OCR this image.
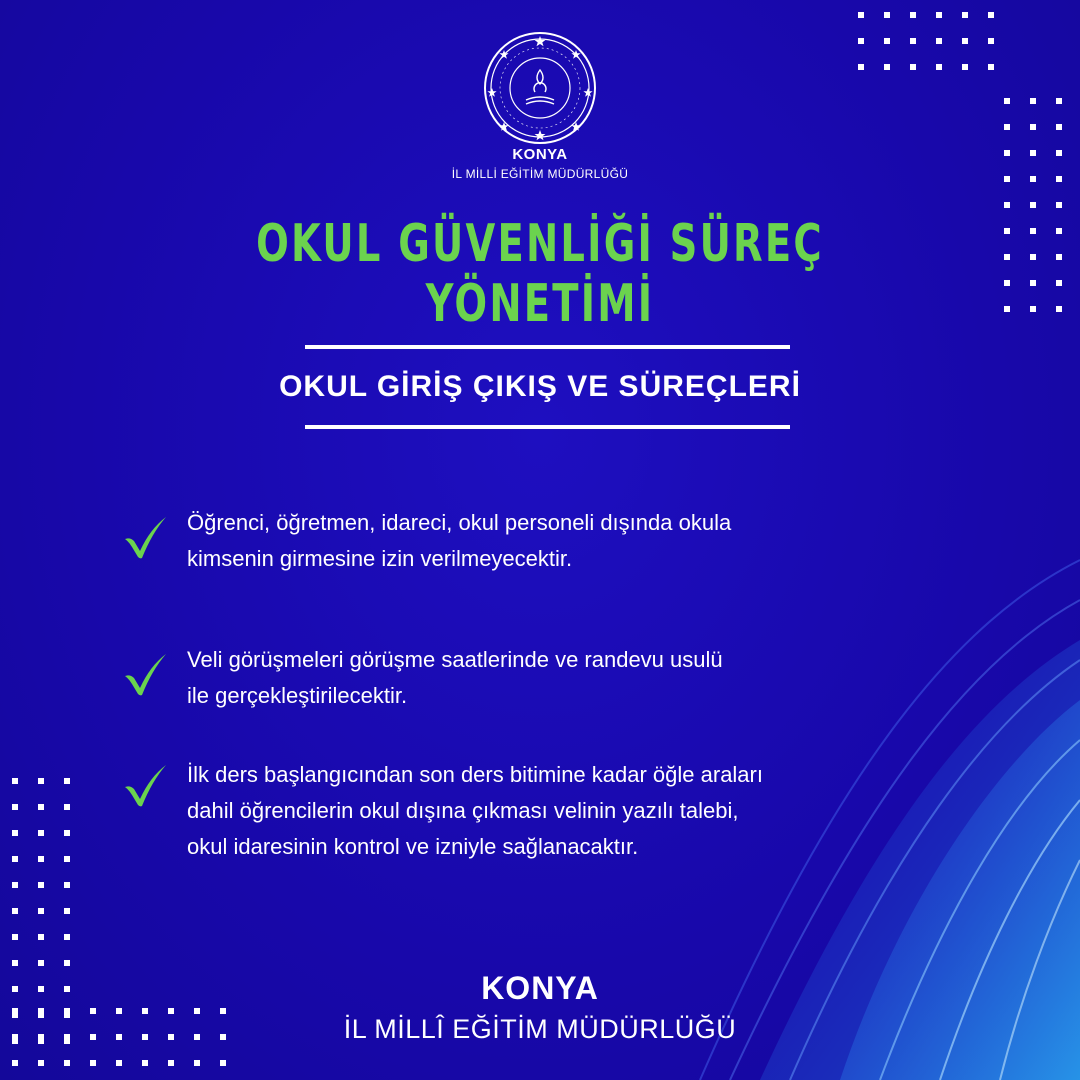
KONYA
İL MİLLİ EĞİTİM MÜDÜRLÜĞÜ
OKUL GÜVENLİĞİ SÜREÇ YÖNETİMİ
OKUL GİRİŞ ÇIKIŞ VE SÜREÇLERİ
Öğrenci, öğretmen, idareci, okul personeli dışında okula
kimsenin girmesine izin verilmeyecektir.
Veli görüşmeleri görüşme saatlerinde ve randevu usulü
ile gerçekleştirilecektir.
İlk ders başlangıcından son ders bitimine kadar öğle araları
dahil öğrencilerin okul dışına çıkması velinin yazılı talebi,
okul idaresinin kontrol ve izniyle sağlanacaktır.
KONYA
İL MİLLÎ EĞİTİM MÜDÜRLÜĞÜ
